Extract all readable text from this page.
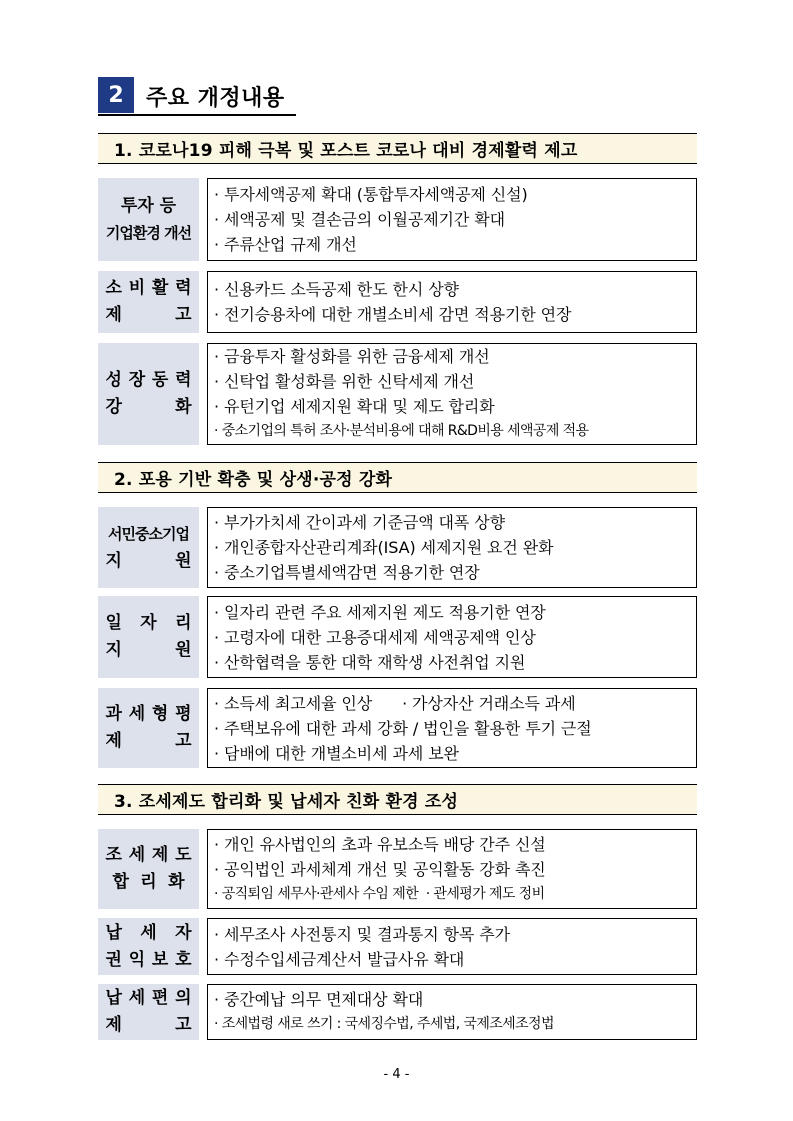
2	주요 개정내용
1. 코로나19 피해 극복 및 포스트 코로나 대비 경제활력 제고
투자 등
기업환경 개선
· 투자세액공제 확대 (통합투자세액공제 신설)
· 세액공제 및 결손금의 이월공제기간 확대
· 주류산업 규제 개선
소 비 활 력
제	고
· 신용카드 소득공제 한도 한시 상향
· 전기승용차에 대한 개별소비세 감면 적용기한 연장
성 장 동 력
강	화
· 금융투자 활성화를 위한 금융세제 개선
· 신탁업 활성화를 위한 신탁세제 개선
· 유턴기업 세제지원 확대 및 제도 합리화
· 중소기업의 특허 조사·분석비용에 대해 R&D비용 세액공제 적용
2. 포용 기반 확충 및 상생·공정 강화
서민중소기업
지	원
· 부가가치세 간이과세 기준금액 대폭 상향
· 개인종합자산관리계좌(ISA) 세제지원 요건 완화
· 중소기업특별세액감면 적용기한 연장
일 자 리
지	원
· 일자리 관련 주요 세제지원 제도 적용기한 연장
· 고령자에 대한 고용증대세제 세액공제액 인상
· 산학협력을 통한 대학 재학생 사전취업 지원
과 세 형 평
제	고
· 소득세 최고세율 인상      · 가상자산 거래소득 과세
· 주택보유에 대한 과세 강화 / 법인을 활용한 투기 근절
· 담배에 대한 개별소비세 과세 보완
3. 조세제도 합리화 및 납세자 친화 환경 조성
조 세 제 도
합 리 화
· 개인 유사법인의 초과 유보소득 배당 간주 신설
· 공익법인 과세체계 개선 및 공익활동 강화 촉진
· 공직퇴임 세무사·관세사 수임 제한  · 관세평가 제도 정비
납 세 자
권 익 보 호
· 세무조사 사전통지 및 결과통지 항목 추가
· 수정수입세금계산서 발급사유 확대
납 세 편 의
제	고
· 중간예납 의무 면제대상 확대
· 조세법령 새로 쓰기 : 국세징수법, 주세법, 국제조세조정법
- 4 -
